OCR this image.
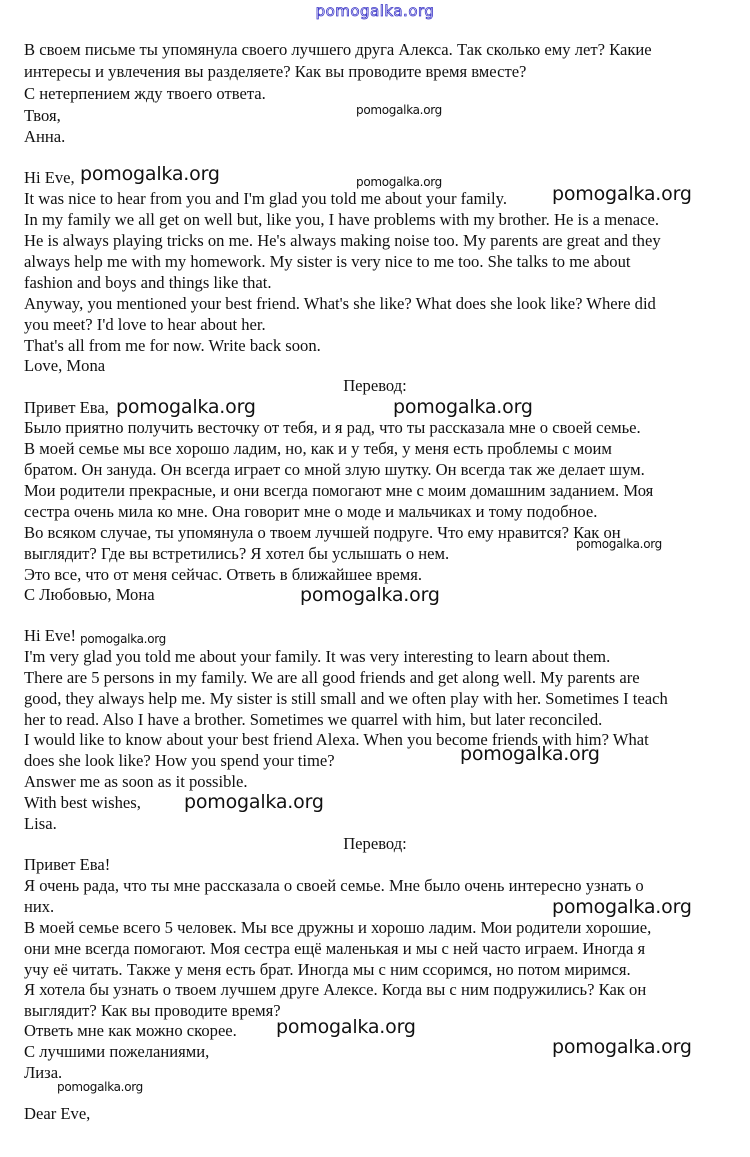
pomogalka.org
В своем письме ты упомянула своего лучшего друга Алекса. Так сколько ему лет? Какие
интересы и увлечения вы разделяете? Как вы проводите время вместе?
С нетерпением жду твоего ответа.
Твоя,
Анна.
Hi Eve,
It was nice to hear from you and I'm glad you told me about your family.
In my family we all get on well but, like you, I have problems with my brother. He is a menace.
He is always playing tricks on me. He's always making noise too. My parents are great and they
always help me with my homework. My sister is very nice to me too. She talks to me about
fashion and boys and things like that.
Anyway, you mentioned your best friend. What's she like? What does she look like? Where did
you meet? I'd love to hear about her.
That's all from me for now. Write back soon.
Love, Mona
Перевод:
Привет Ева,
Было приятно получить весточку от тебя, и я рад, что ты рассказала мне о своей семье.
В моей семье мы все хорошо ладим, но, как и у тебя, у меня есть проблемы с моим
братом. Он зануда. Он всегда играет со мной злую шутку. Он всегда так же делает шум.
Мои родители прекрасные, и они всегда помогают мне с моим домашним заданием. Моя
сестра очень мила ко мне. Она говорит мне о моде и мальчиках и тому подобное.
Во всяком случае, ты упомянула о твоем лучшей подруге. Что ему нравится? Как он
выглядит? Где вы встретились? Я хотел бы услышать о нем.
Это все, что от меня сейчас. Ответь в ближайшее время.
С Любовью, Мона
Hi Eve!
I'm very glad you told me about your family. It was very interesting to learn about them.
There are 5 persons in my family. We are all good friends and get along well. My parents are
good, they always help me. My sister is still small and we often play with her. Sometimes I teach
her to read. Also I have a brother. Sometimes we quarrel with him, but later reconciled.
I would like to know about your best friend Alexa. When you become friends with him? What
does she look like? How you spend your time?
Answer me as soon as it possible.
With best wishes,
Lisa.
Перевод:
Привет Ева!
Я очень рада, что ты мне рассказала о своей семье. Мне было очень интересно узнать о
них.
В моей семье всего 5 человек. Мы все дружны и хорошо ладим. Мои родители хорошие,
они мне всегда помогают. Моя сестра ещё маленькая и мы с ней часто играем. Иногда я
учу её читать. Также у меня есть брат. Иногда мы с ним ссоримся, но потом миримся.
Я хотела бы узнать о твоем лучшем друге Алексе. Когда вы с ним подружились? Как он
выглядит? Как вы проводите время?
Ответь мне как можно скорее.
С лучшими пожеланиями,
Лиза.
Dear Eve,
pomogalka.org
pomogalka.org	pomogalka.org
pomogalka.org
pomogalka.org	pomogalka.org
pomogalka.org
pomogalka.org
pomogalka.org
pomogalka.org
pomogalka.org
pomogalka.org
pomogalka.org
pomogalka.org
pomogalka.org
